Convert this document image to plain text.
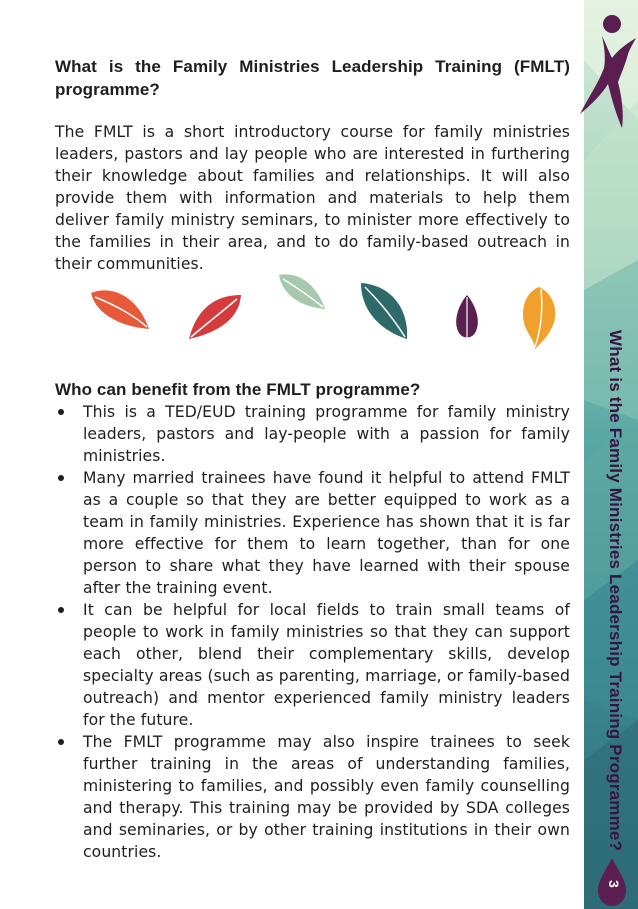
What is the Family Ministries Leadership Training Programme?
3
What is the Family Ministries Leadership Training (FMLT) programme?

The FMLT is a short introductory course for family ministries leaders, pastors and lay people who are interested in furthering their knowledge about families and relationships. It will also provide them with information and materials to help them deliver family ministry seminars, to minister more effectively to the families in their area, and to do family-based outreach in their communities.

Who can benefit from the FMLT programme?
This is a TED/EUD training programme for family ministry leaders, pastors and lay-people with a passion for family ministries.
Many married trainees have found it helpful to attend FMLT as a couple so that they are better equipped to work as a team in family ministries. Experience has shown that it is far more effective for them to learn together, than for one person to share what they have learned with their spouse after the training event.
It can be helpful for local fields to train small teams of people to work in family ministries so that they can support each other, blend their complementary skills, develop specialty areas (such as parenting, marriage, or family-based outreach) and mentor experienced family ministry leaders for the future.
The FMLT programme may also inspire trainees to seek further training in the areas of understanding families, ministering to families, and possibly even family counselling and therapy. This training may be provided by SDA colleges and seminaries, or by other training institutions in their own countries.
